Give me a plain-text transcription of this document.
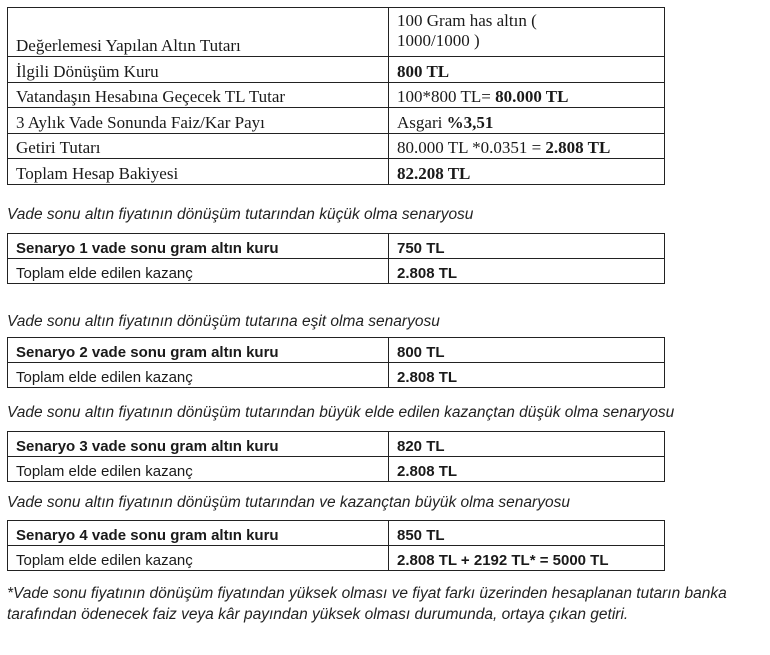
Değerlemesi Yapılan Altın Tutarı	100 Gram has altın (
1000/1000 )
İlgili Dönüşüm Kuru	800 TL
Vatandaşın Hesabına Geçecek TL Tutar	100*800 TL= 80.000 TL
3 Aylık Vade Sonunda Faiz/Kar Payı	Asgari %3,51
Getiri Tutarı	80.000 TL *0.0351 = 2.808 TL
Toplam Hesap Bakiyesi	82.208 TL
Vade sonu altın fiyatının dönüşüm tutarından küçük olma senaryosu
Senaryo 1 vade sonu gram altın kuru	750 TL
Toplam elde edilen kazanç	2.808 TL
Vade sonu altın fiyatının dönüşüm tutarına eşit olma senaryosu
Senaryo 2 vade sonu gram altın kuru	800 TL
Toplam elde edilen kazanç	2.808 TL
Vade sonu altın fiyatının dönüşüm tutarından büyük elde edilen kazançtan düşük olma senaryosu
Senaryo 3 vade sonu gram altın kuru	820 TL
Toplam elde edilen kazanç	2.808 TL
Vade sonu altın fiyatının dönüşüm tutarından ve kazançtan büyük olma senaryosu
Senaryo 4 vade sonu gram altın kuru	850 TL
Toplam elde edilen kazanç	2.808 TL + 2192 TL* = 5000 TL
*Vade sonu fiyatının dönüşüm fiyatından yüksek olması ve fiyat farkı üzerinden hesaplanan tutarın banka tarafından ödenecek faiz veya kâr payından yüksek olması durumunda, ortaya çıkan getiri.
